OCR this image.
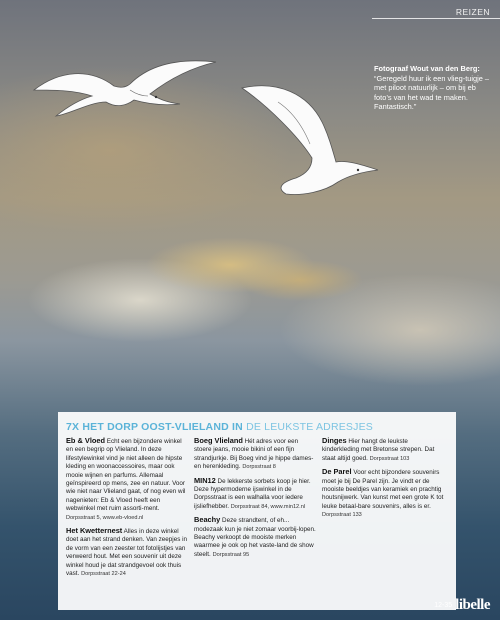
REIZEN
Fotograaf Wout van den Berg:
“Geregeld huur ik een vlieg-tuigje – met piloot natuurlijk – om bij eb foto’s van het wad te maken. Fantastisch.”
7X HET DORP OOST-VLIELAND IN DE LEUKSTE ADRESJES

Eb & Vloed Echt een bijzondere winkel en een begrip op Vlieland. In deze lifestylewinkel vind je niet alleen de hipste kleding en woonaccessoires, maar ook mooie wijnen en parfums. Allemaal geïnspireerd op mens, zee en natuur. Voor wie niet naar Vlieland gaat, of nog even wil nagenieten: Eb & Vloed heeft een webwinkel met ruim assorti-ment. Dorpsstraat 5, www.eb-vloed.nl

Het Kwetternest Alles in deze winkel doet aan het strand denken. Van zeepjes in de vorm van een zeester tot fotolijstjes van verweerd hout. Met een souvenir uit deze winkel houd je dat strandgevoel ook thuis vast. Dorpsstraat 22-24

Boeg Vlieland Hét adres voor een stoere jeans, mooie bikini of een fijn strandjurkje. Bij Boeg vind je hippe dames- en herenkleding. Dorpsstraat 8

MIN12 De lekkerste sorbets koop je hier. Deze hypermoderne ijswinkel in de Dorpsstraat is een walhalla voor iedere ijsliefhebber. Dorpsstraat 84, www.min12.nl

Beachy Deze strandtent, of eh... modezaak kun je niet zomaar voorbij-lopen. Beachy verkoopt de mooiste merken waarmee je ook op het vaste-land de show steelt. Dorpsstraat 95

Dinges Hier hangt de leukste kinderkleding met Bretonse strepen. Dat staat altijd goed. Dorpsstraat 103

De Parel Voor echt bijzondere souvenirs moet je bij De Parel zijn. Je vindt er de mooiste beeldjes van keramiek en prachtig houtsnijwerk. Van kunst met een grote K tot leuke betaal-bare souvenirs, alles is er. Dorpsstraat 133

12-35 libelle
